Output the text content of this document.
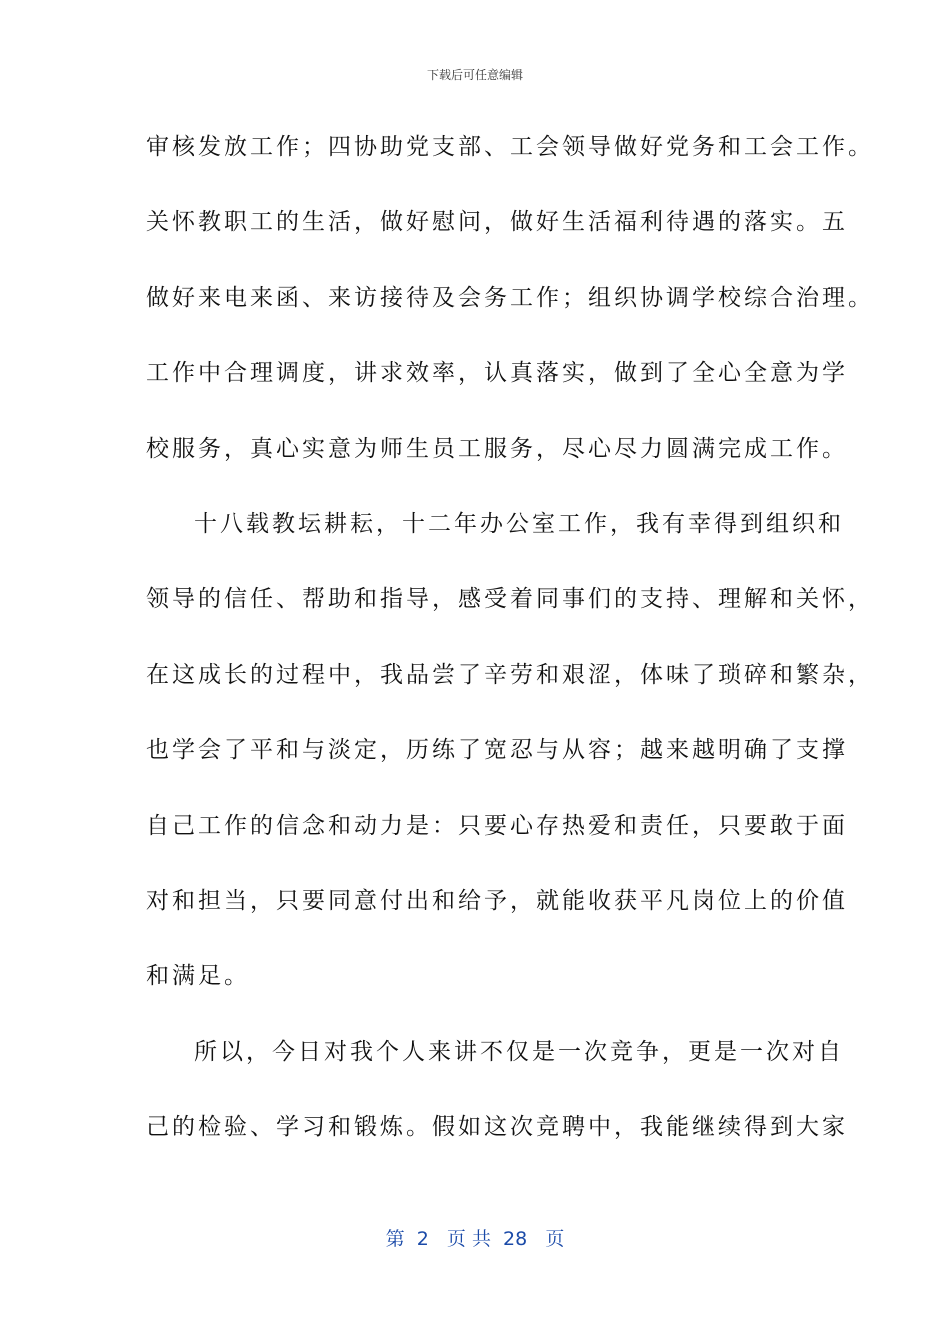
下载后可任意编辑
审核发放工作；四协助党支部、工会领导做好党务和工会工作。
关怀教职工的生活，做好慰问，做好生活福利待遇的落实。五
做好来电来函、来访接待及会务工作；组织协调学校综合治理。
工作中合理调度，讲求效率，认真落实，做到了全心全意为学
校服务，真心实意为师生员工服务，尽心尽力圆满完成工作。
十八载教坛耕耘，十二年办公室工作，我有幸得到组织和
领导的信任、帮助和指导，感受着同事们的支持、理解和关怀，
在这成长的过程中，我品尝了辛劳和艰涩，体味了琐碎和繁杂，
也学会了平和与淡定，历练了宽忍与从容；越来越明确了支撑
自己工作的信念和动力是：只要心存热爱和责任，只要敢于面
对和担当，只要同意付出和给予，就能收获平凡岗位上的价值
和满足。
所以，今日对我个人来讲不仅是一次竞争，更是一次对自
己的检验、学习和锻炼。假如这次竞聘中，我能继续得到大家
第  2   页 共  28   页
